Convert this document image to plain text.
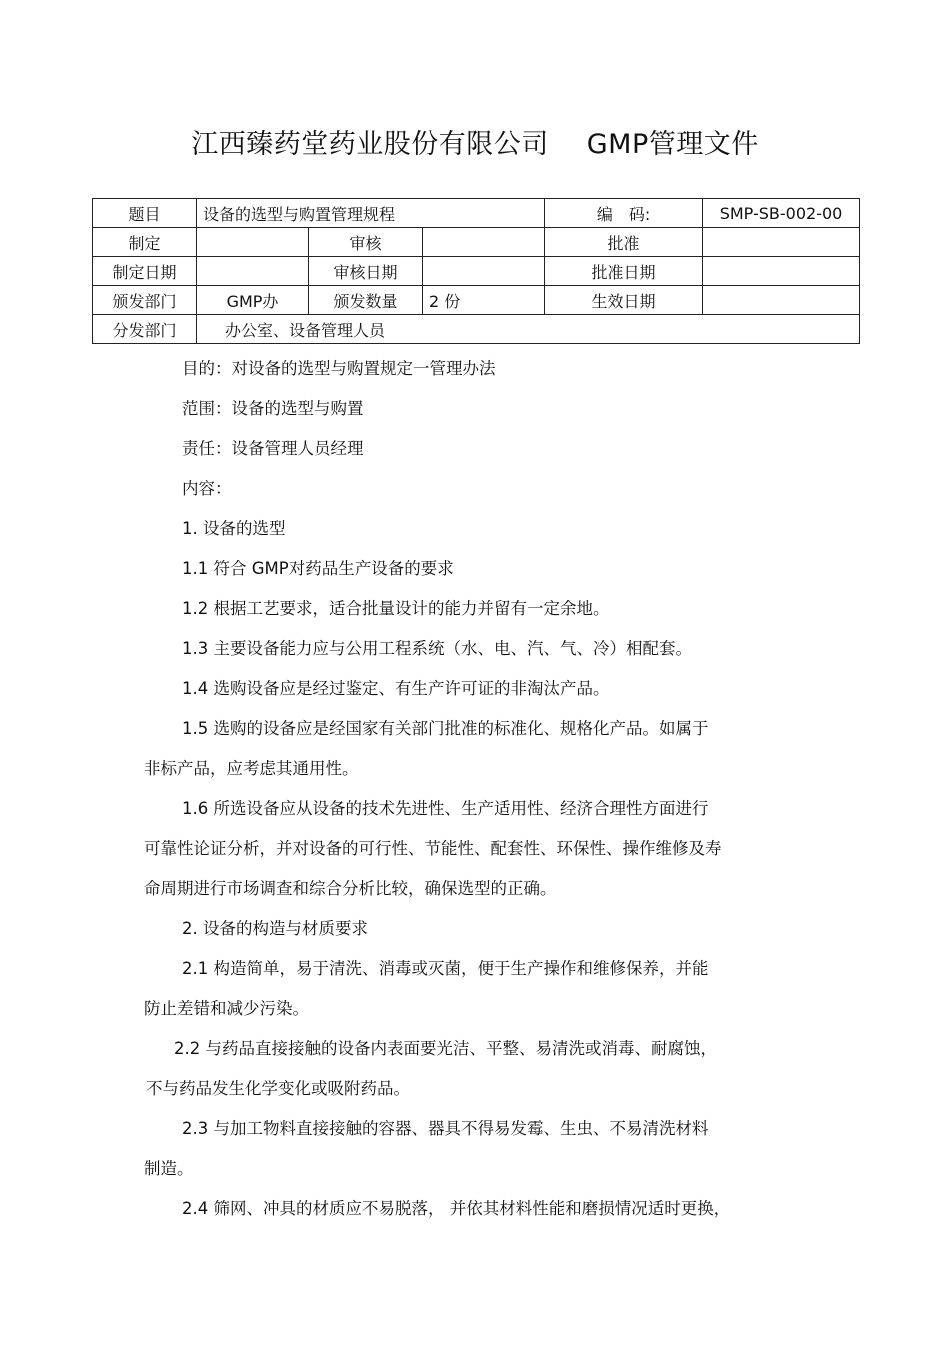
江西臻药堂药业股份有限公司 GMP管理文件
题目	设备的选型与购置管理规程			编　码:	SMP-SB-002-00
制定		审核		批准	
制定日期		审核日期		批准日期	
颁发部门	GMP办	颁发数量	2 份	生效日期	
分发部门	办公室、设备管理人员				
目的：对设备的选型与购置规定一管理办法
范围：设备的选型与购置
责任：设备管理人员经理
内容：
1. 设备的选型
1.1 符合 GMP对药品生产设备的要求
1.2 根据工艺要求，适合批量设计的能力并留有一定余地。
1.3 主要设备能力应与公用工程系统（水、电、汽、气、冷）相配套。
1.4 选购设备应是经过鉴定、有生产许可证的非淘汰产品。
1.5 选购的设备应是经国家有关部门批准的标准化、规格化产品。如属于
非标产品，应考虑其通用性。
1.6 所选设备应从设备的技术先进性、生产适用性、经济合理性方面进行
可靠性论证分析，并对设备的可行性、节能性、配套性、环保性、操作维修及寿
命周期进行市场调查和综合分析比较，确保选型的正确。
2. 设备的构造与材质要求
2.1 构造简单，易于清洗、消毒或灭菌，便于生产操作和维修保养，并能
防止差错和减少污染。
2.2 与药品直接接触的设备内表面要光洁、平整、易清洗或消毒、耐腐蚀，
不与药品发生化学变化或吸附药品。
2.3 与加工物料直接接触的容器、器具不得易发霉、生虫、不易清洗材料
制造。
2.4 筛网、冲具的材质应不易脱落， 并依其材料性能和磨损情况适时更换，
